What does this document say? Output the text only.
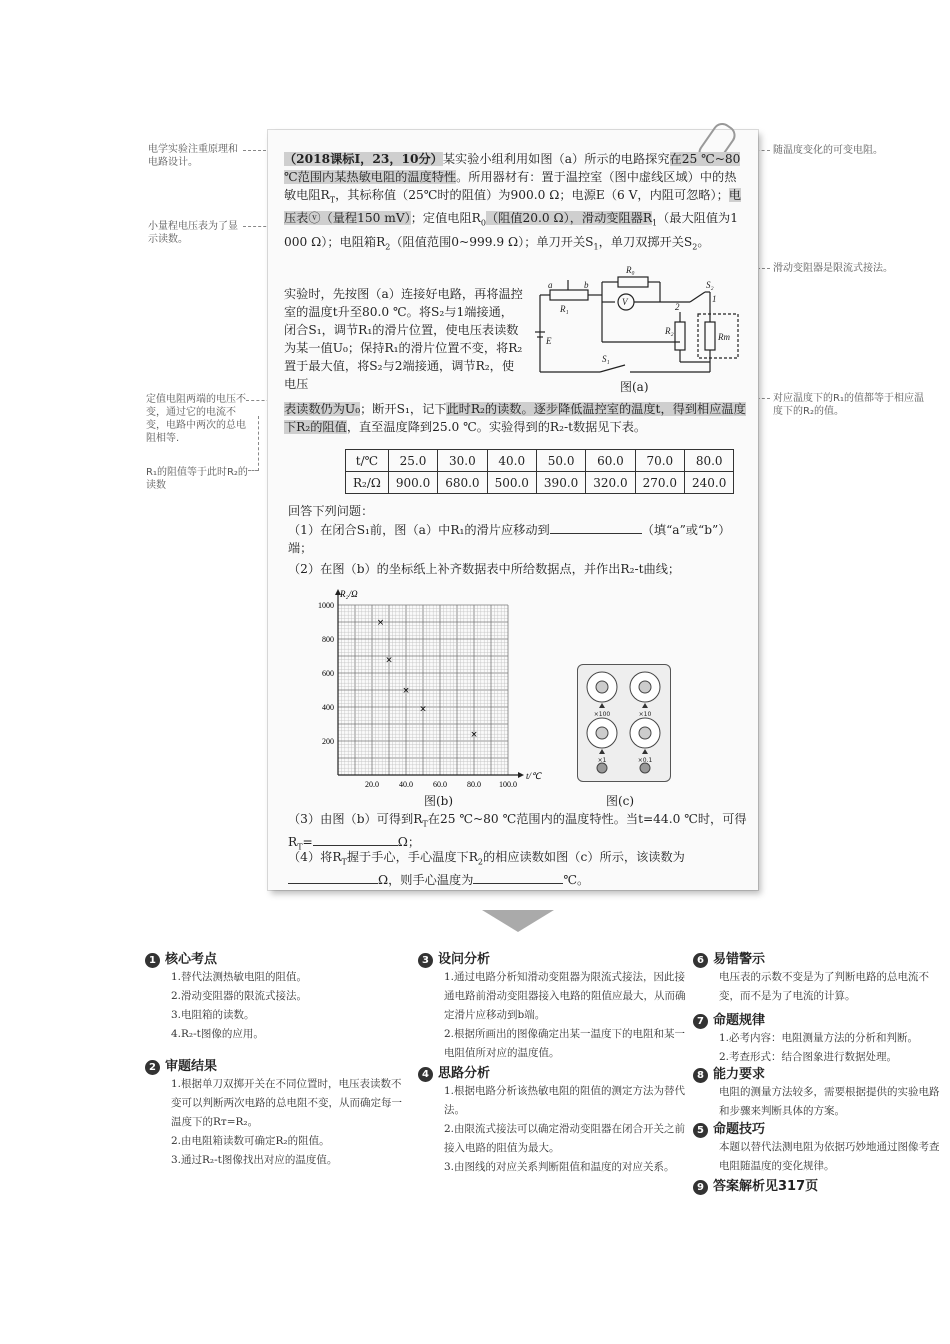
电学实验注重原理和电路设计。
小量程电压表为了显示读数。
定值电阻两端的电压不变，通过它的电流不变，电路中两次的总电阻相等.
R₁的阻值等于此时R₂的读数
随温度变化的可变电阻。
滑动变阻器是限流式接法。
对应温度下的R₁的值都等于相应温度下的R₂的值。
（2018课标Ⅰ，23，10分）某实验小组利用如图（a）所示的电路探究在25 ℃~80 ℃范围内某热敏电阻的温度特性。所用器材有：置于温控室（图中虚线区域）中的热敏电阻$R_T$，其标称值（25℃时的阻值）为900.0 Ω；电源E（6 V，内阻可忽略）；电压表ⓥ（量程150 mV）；定值电阻$R_0$（阻值20.0 Ω），滑动变阻器$R_1$（最大阻值为1 000 Ω）；电阻箱$R_2$（阻值范围0~999.9 Ω）；单刀开关$S_1$，单刀双掷开关$S_2$。
实验时，先按图（a）连接好电路，再将温控室的温度t升至80.0 ℃。将S₂与1端接通，闭合S₁，调节R₁的滑片位置，使电压表读数为某一值U₀；保持R₁的滑片位置不变，将R₂置于最大值，将S₂与2端接通，调节R₂，使电压
表读数仍为U₀；断开S₁，记下此时R₂的读数。逐步降低温控室的温度t，得到相应温度下R₂的阻值，直至温度降到25.0 ℃。实验得到的R₂-t数据见下表。
a	b
R₁
R₀
V
S₂
2
1
R₂
Rт
E
S₁
图(a)
t/℃	25.0	30.0	40.0	50.0	60.0	70.0	80.0
R₂/Ω	900.0	680.0	500.0	390.0	320.0	270.0	240.0
回答下列问题：
（1）在闭合S₁前，图（a）中R₁的滑片应移动到	（填“a”或“b”）端；
（2）在图（b）的坐标纸上补齐数据表中所给数据点，并作出R₂-t曲线；
20.0	40.0	60.0	80.0 100.0
200
400
600
800
1000
t/℃
R₂/Ω
×
×
×
×
×
图(b)
×100	×10
×1	×0.1
图(c)
（3）由图（b）可得到$R_T$在25 ℃~80 ℃范围内的温度特性。当t=44.0 ℃时，可得$R_T=$	Ω；
（4）将$R_T$握于手心，手心温度下$R_2$的相应读数如图（c）所示，该读数为Ω，则手心温度为	℃。
1 核心考点
1.替代法测热敏电阻的阻值。
2.滑动变阻器的限流式接法。
3.电阻箱的读数。
4.R₂-t图像的应用。
2 审题结果
1.根据单刀双掷开关在不同位置时，电压表读数不变可以判断两次电路的总电阻不变，从而确定每一温度下的Rт=R₂。
2.由电阻箱读数可确定R₂的阻值。
3.通过R₂-t图像找出对应的温度值。
3 设问分析
1.通过电路分析知滑动变阻器为限流式接法，因此接通电路前滑动变阻器接入电路的阻值应最大，从而确定滑片应移动到b端。
2.根据所画出的图像确定出某一温度下的电阻和某一电阻值所对应的温度值。
4 思路分析
1.根据电路分析该热敏电阻的阻值的测定方法为替代法。
2.由限流式接法可以确定滑动变阻器在闭合开关之前接入电路的阻值为最大。
3.由图线的对应关系判断阻值和温度的对应关系。
6 易错警示
电压表的示数不变是为了判断电路的总电流不变，而不是为了电流的计算。
7 命题规律
1.必考内容：电阻测量方法的分析和判断。
2.考查形式：结合图象进行数据处理。
8 能力要求
电阻的测量方法较多，需要根据提供的实验电路和步骤来判断具体的方案。
5 命题技巧
本题以替代法测电阻为依据巧妙地通过图像考查电阻随温度的变化规律。
9 答案解析见317页
